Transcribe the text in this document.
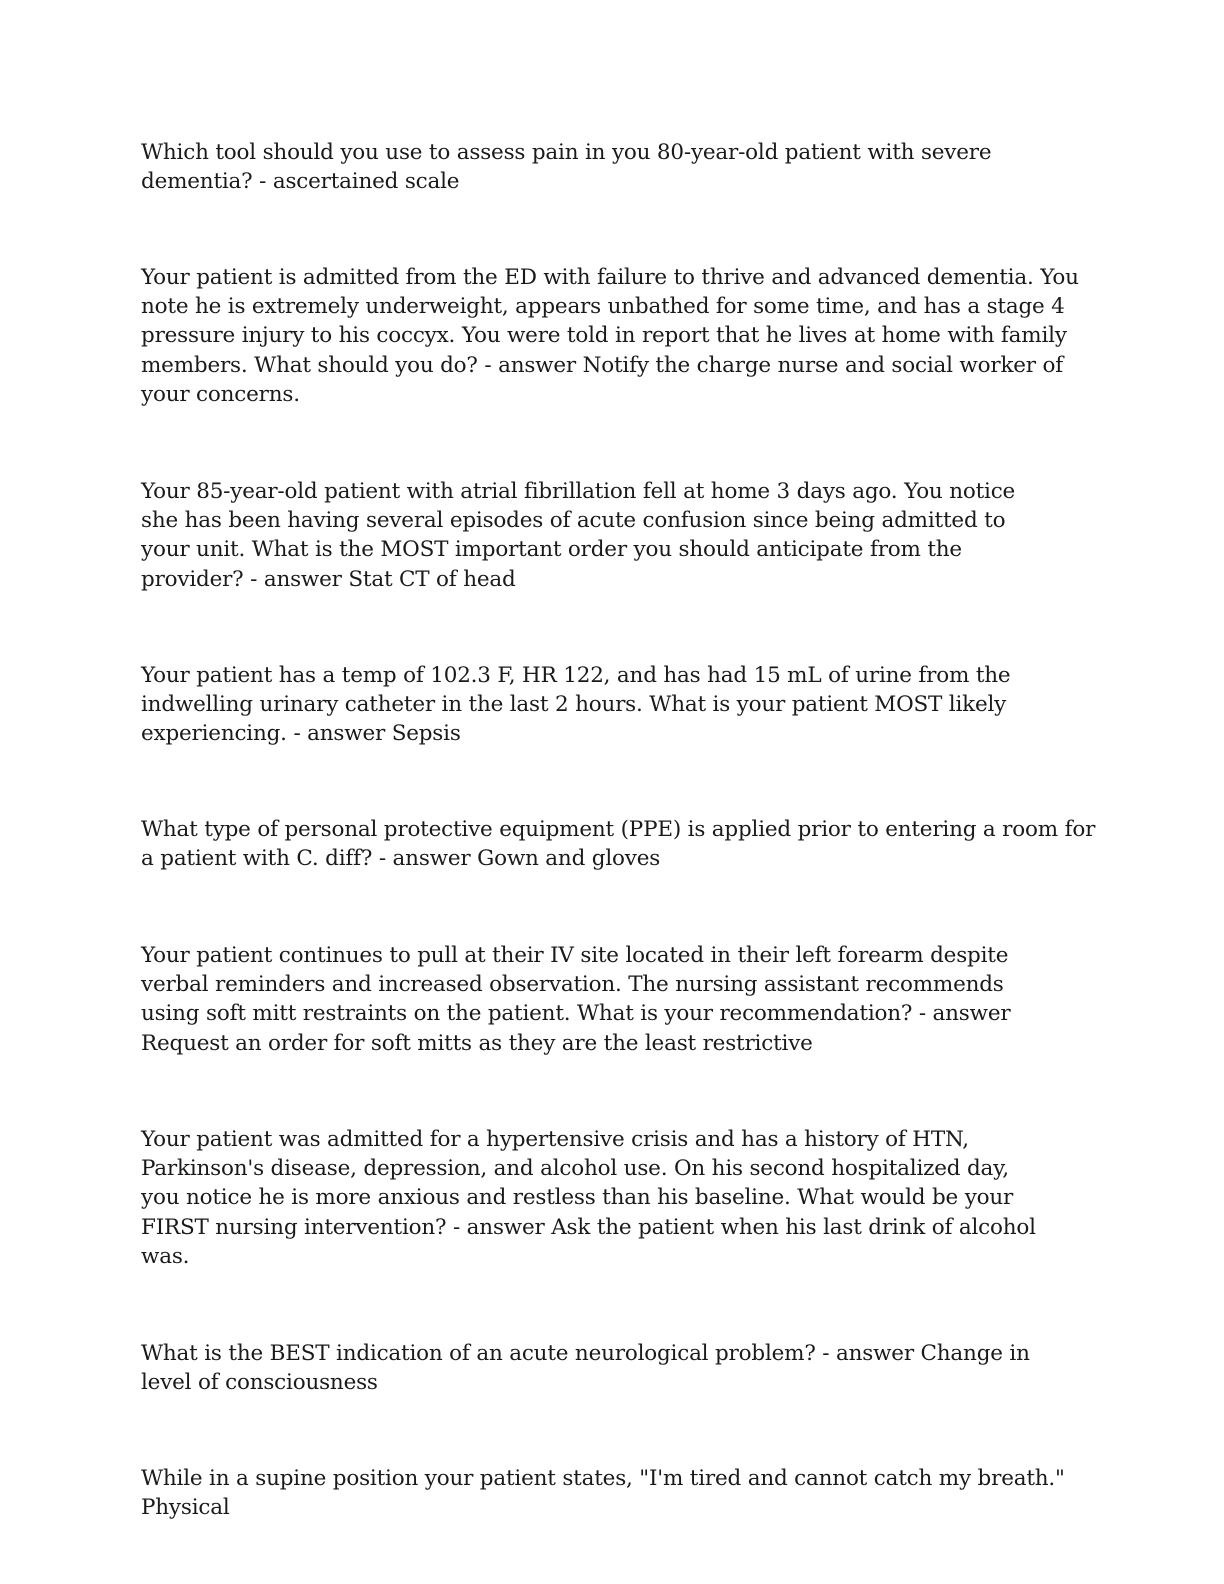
Which tool should you use to assess pain in you 80-year-old patient with severe
dementia? - ascertained scale

Your patient is admitted from the ED with failure to thrive and advanced dementia. You
note he is extremely underweight, appears unbathed for some time, and has a stage 4
pressure injury to his coccyx. You were told in report that he lives at home with family
members. What should you do? - answer Notify the charge nurse and social worker of
your concerns.

Your 85-year-old patient with atrial fibrillation fell at home 3 days ago. You notice
she has been having several episodes of acute confusion since being admitted to
your unit. What is the MOST important order you should anticipate from the
provider? - answer Stat CT of head

Your patient has a temp of 102.3 F, HR 122, and has had 15 mL of urine from the
indwelling urinary catheter in the last 2 hours. What is your patient MOST likely
experiencing. - answer Sepsis

What type of personal protective equipment (PPE) is applied prior to entering a room for
a patient with C. diff? - answer Gown and gloves

Your patient continues to pull at their IV site located in their left forearm despite
verbal reminders and increased observation. The nursing assistant recommends
using soft mitt restraints on the patient. What is your recommendation? - answer
Request an order for soft mitts as they are the least restrictive

Your patient was admitted for a hypertensive crisis and has a history of HTN,
Parkinson's disease, depression, and alcohol use. On his second hospitalized day,
you notice he is more anxious and restless than his baseline. What would be your
FIRST nursing intervention? - answer Ask the patient when his last drink of alcohol
was.

What is the BEST indication of an acute neurological problem? - answer Change in
level of consciousness

While in a supine position your patient states, "I'm tired and cannot catch my breath."
Physical
